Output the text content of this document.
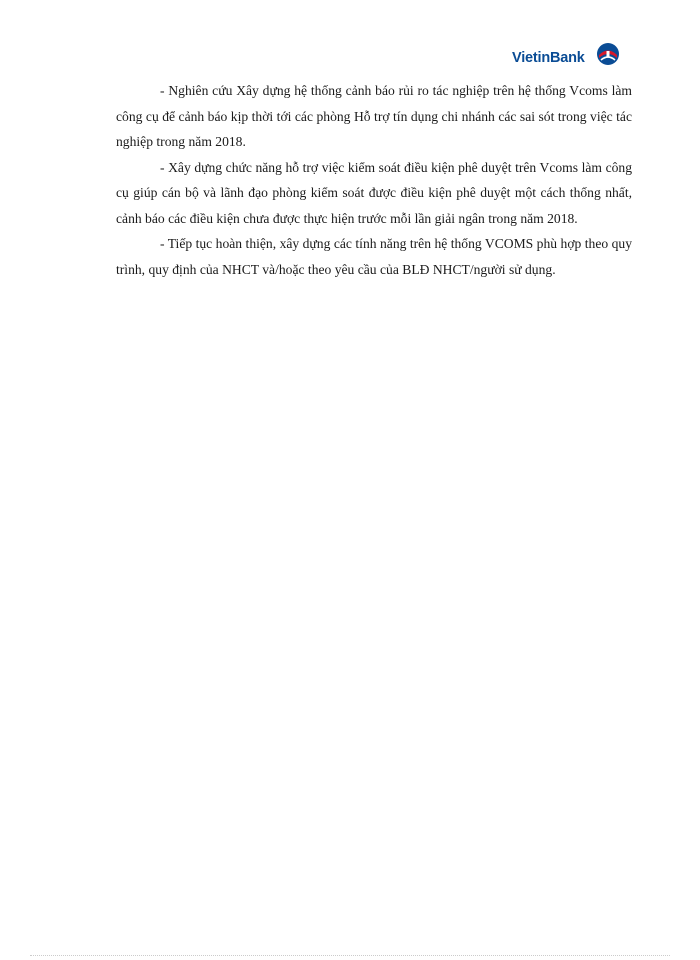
VietinBank

- Nghiên cứu Xây dựng hệ thống cảnh báo rủi ro tác nghiệp trên hệ thống Vcoms làm công cụ để cảnh báo kịp thời tới các phòng Hỗ trợ tín dụng chi nhánh các sai sót trong việc tác nghiệp trong năm 2018.

- Xây dựng chức năng hỗ trợ việc kiểm soát điều kiện phê duyệt trên Vcoms làm công cụ giúp cán bộ và lãnh đạo phòng kiểm soát được điều kiện phê duyệt một cách thống nhất, cảnh báo các điều kiện chưa được thực hiện trước mỗi lần giải ngân trong năm 2018.

- Tiếp tục hoàn thiện, xây dựng các tính năng trên hệ thống VCOMS phù hợp theo quy trình, quy định của NHCT và/hoặc theo yêu cầu của BLĐ NHCT/người sử dụng.
